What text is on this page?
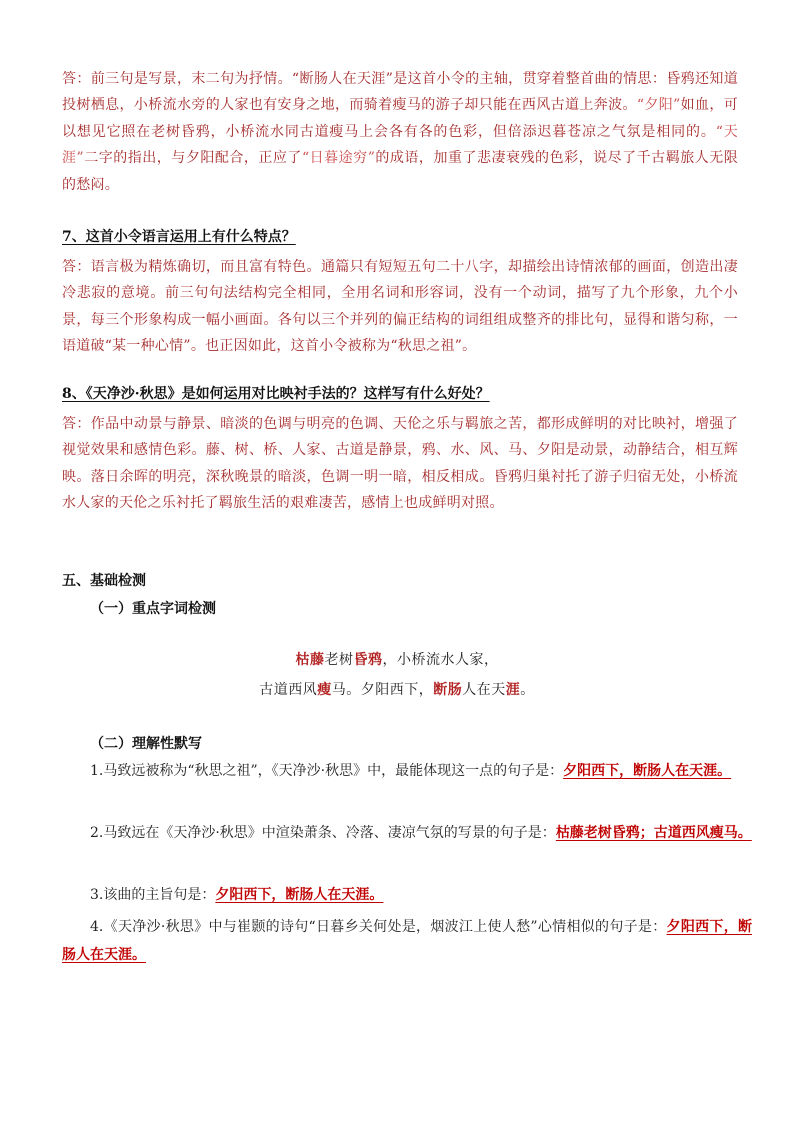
答：前三句是写景，末二句为抒情。“断肠人在天涯”是这首小令的主轴，贯穿着整首曲的情思：昏鸦还知道投树栖息，小桥流水旁的人家也有安身之地，而骑着瘦马的游子却只能在西风古道上奔波。“夕阳”如血，可以想见它照在老树昏鸦，小桥流水同古道瘦马上会各有各的色彩，但倍添迟暮苍凉之气氛是相同的。“天涯”二字的指出，与夕阳配合，正应了“日暮途穷”的成语，加重了悲凄衰残的色彩，说尽了千古羁旅人无限的愁闷。
7、这首小令语言运用上有什么特点？
答：语言极为精炼确切，而且富有特色。通篇只有短短五句二十八字，却描绘出诗情浓郁的画面，创造出凄冷悲寂的意境。前三句句法结构完全相同，全用名词和形容词，没有一个动词，描写了九个形象，九个小景，每三个形象构成一幅小画面。各句以三个并列的偏正结构的词组组成整齐的排比句，显得和谐匀称，一语道破“某一种心情”。也正因如此，这首小令被称为“秋思之祖”。
8、《天净沙·秋思》是如何运用对比映衬手法的？这样写有什么好处？
答：作品中动景与静景、暗淡的色调与明亮的色调、天伦之乐与羁旅之苦，都形成鲜明的对比映衬，增强了视觉效果和感情色彩。藤、树、桥、人家、古道是静景，鸦、水、风、马、夕阳是动景，动静结合，相互辉映。落日余晖的明亮，深秋晚景的暗淡，色调一明一暗，相反相成。昏鸦归巢衬托了游子归宿无处，小桥流水人家的天伦之乐衬托了羁旅生活的艰难凄苦，感情上也成鲜明对照。
五、基础检测
（一）重点字词检测
枯藤老树昏鸦，小桥流水人家，
古道西风瘦马。夕阳西下，断肠人在天涯。
（二）理解性默写
1.马致远被称为“秋思之祖”，《天净沙·秋思》中，最能体现这一点的句子是：夕阳西下，断肠人在天涯。
2.马致远在《天净沙·秋思》中渲染萧条、冷落、凄凉气氛的写景的句子是：枯藤老树昏鸦；古道西风瘦马。
3.该曲的主旨句是：夕阳西下，断肠人在天涯。
4.《天净沙·秋思》中与崔颢的诗句“日暮乡关何处是，烟波江上使人愁”心情相似的句子是：夕阳西下，断肠人在天涯。
